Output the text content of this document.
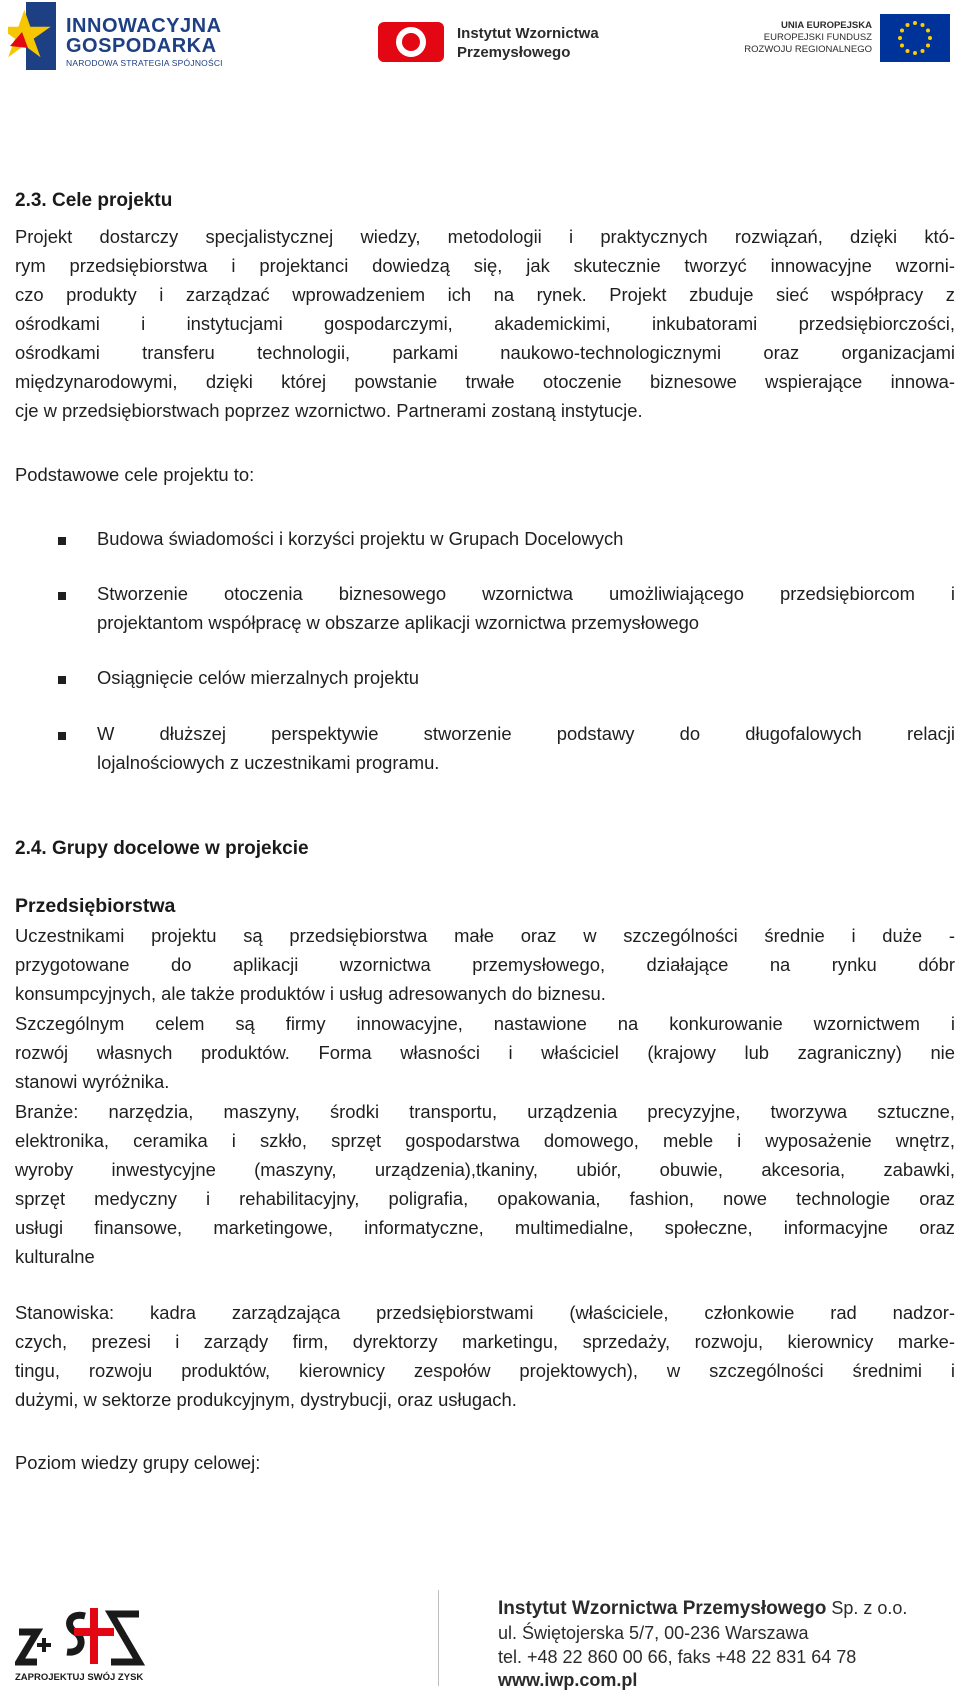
INNOWACYJNA
GOSPODARKA
NARODOWA STRATEGIA SPÓJNOŚCI
Instytut Wzornictwa
Przemysłowego
UNIA EUROPEJSKA
EUROPEJSKI FUNDUSZ
ROZWOJU REGIONALNEGO
2.3. Cele projektu
Projekt dostarczy specjalistycznej wiedzy, metodologii i praktycznych rozwiązań, dzięki któ-
rym przedsiębiorstwa i projektanci dowiedzą się, jak skutecznie tworzyć innowacyjne wzorni-
czo produkty i zarządzać wprowadzeniem ich na rynek. Projekt zbuduje sieć współpracy z
ośrodkami i instytucjami gospodarczymi, akademickimi, inkubatorami przedsiębiorczości,
ośrodkami transferu technologii, parkami naukowo-technologicznymi oraz organizacjami
międzynarodowymi, dzięki której powstanie trwałe otoczenie biznesowe wspierające innowa-
cje w przedsiębiorstwach poprzez wzornictwo. Partnerami zostaną instytucje.
Podstawowe cele projektu to:
Budowa świadomości i korzyści projektu w Grupach Docelowych
Stworzenie otoczenia biznesowego wzornictwa umożliwiającego przedsiębiorcom i
projektantom współpracę w obszarze aplikacji wzornictwa przemysłowego
Osiągnięcie celów mierzalnych projektu
W dłuższej perspektywie stworzenie podstawy do długofalowych relacji
lojalnościowych z uczestnikami programu.
2.4. Grupy docelowe w projekcie
Przedsiębiorstwa
Uczestnikami projektu są przedsiębiorstwa małe oraz w szczególności średnie i duże -
przygotowane do aplikacji wzornictwa przemysłowego, działające na rynku dóbr
konsumpcyjnych, ale także produktów i usług adresowanych do biznesu.
Szczególnym celem są firmy innowacyjne, nastawione na konkurowanie wzornictwem i
rozwój własnych produktów. Forma własności i właściciel (krajowy lub zagraniczny) nie
stanowi wyróżnika.
Branże: narzędzia, maszyny, środki transportu, urządzenia precyzyjne, tworzywa sztuczne,
elektronika, ceramika i szkło, sprzęt gospodarstwa domowego, meble i wyposażenie wnętrz,
wyroby inwestycyjne (maszyny, urządzenia),tkaniny, ubiór, obuwie, akcesoria, zabawki,
sprzęt medyczny i rehabilitacyjny, poligrafia, opakowania, fashion, nowe technologie oraz
usługi finansowe, marketingowe, informatyczne, multimedialne, społeczne, informacyjne oraz
kulturalne
Stanowiska: kadra zarządzająca przedsiębiorstwami (właściciele, członkowie rad nadzor-
czych, prezesi i zarządy firm, dyrektorzy marketingu, sprzedaży, rozwoju, kierownicy marke-
tingu, rozwoju produktów, kierownicy zespołów projektowych), w szczególności średnimi i
dużymi, w sektorze produkcyjnym, dystrybucji, oraz usługach.
Poziom wiedzy grupy celowej:
ZAPROJEKTUJ SWÓJ ZYSK
Instytut Wzornictwa Przemysłowego Sp. z o.o.
ul. Świętojerska 5/7, 00-236 Warszawa
tel. +48 22 860 00 66, faks +48 22 831 64 78
www.iwp.com.pl
